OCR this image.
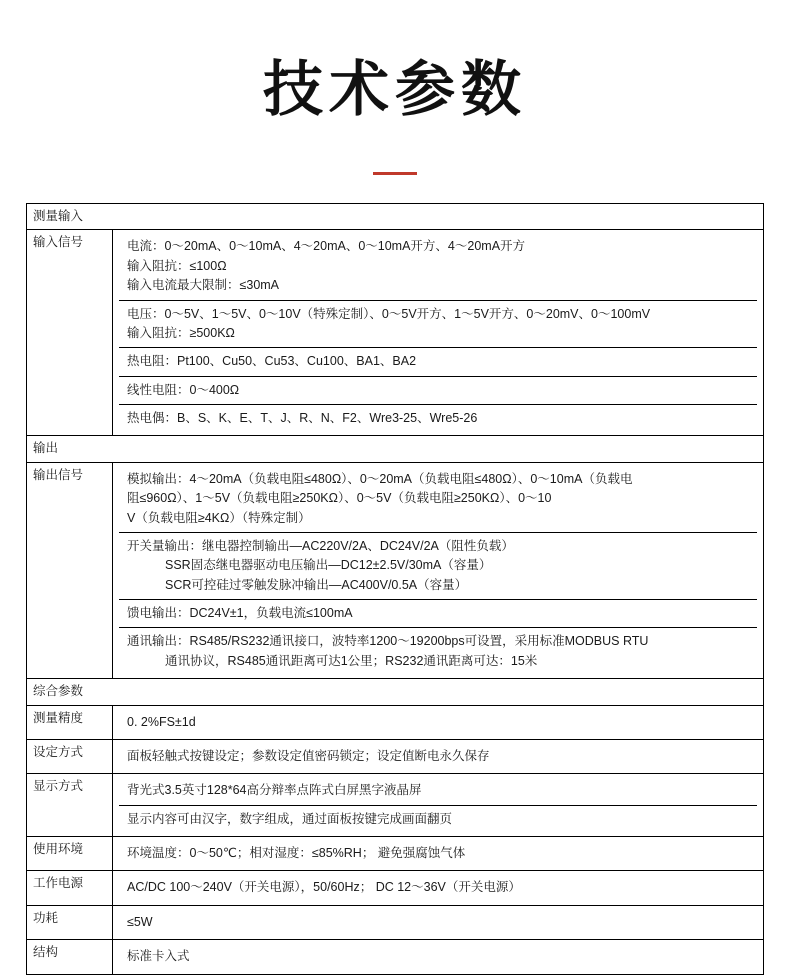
技术参数
测量输入	
输入信号	电流：0～20mA、0～10mA、4～20mA、0～10mA开方、4～20mA开方
输入阻抗：≤100Ω
输入电流最大限制：≤30mA
电压：0～5V、1～5V、0～10V（特殊定制）、0～5V开方、1～5V开方、0～20mV、0～100mV
输入阻抗：≥500KΩ
热电阻：Pt100、Cu50、Cu53、Cu100、BA1、BA2
线性电阻：0～400Ω
热电偶：B、S、K、E、T、J、R、N、F2、Wre3-25、Wre5-26

输出	
输出信号	模拟输出：4～20mA（负载电阻≤480Ω）、0～20mA（负载电阻≤480Ω）、0～10mA（负载电
阻≤960Ω）、1～5V（负载电阻≥250KΩ）、0～5V（负载电阻≥250KΩ）、0～10
V（负载电阻≥4KΩ）（特殊定制）
开关量输出：继电器控制输出—AC220V/2A、DC24V/2A（阻性负载）
SSR固态继电器驱动电压输出—DC12±2.5V/30mA（容量）
SCR可控硅过零触发脉冲输出—AC400V/0.5A（容量）
馈电输出：DC24V±1，负载电流≤100mA
通讯输出：RS485/RS232通讯接口，波特率1200～19200bps可设置，采用标准MODBUS RTU
通讯协议，RS485通讯距离可达1公里；RS232通讯距离可达：15米

综合参数	
测量精度	0. 2%FS±1d

设定方式	面板轻触式按键设定；参数设定值密码锁定；设定值断电永久保存

显示方式	背光式3.5英寸128*64高分辩率点阵式白屏黑字液晶屏
显示内容可由汉字，数字组成，通过面板按键完成画面翻页

使用环境	环境温度：0～50℃；相对湿度：≤85%RH； 避免强腐蚀气体

工作电源	AC/DC 100～240V（开关电源），50/60Hz； DC 12～36V（开关电源）

功耗	≤5W

结构	标准卡入式
